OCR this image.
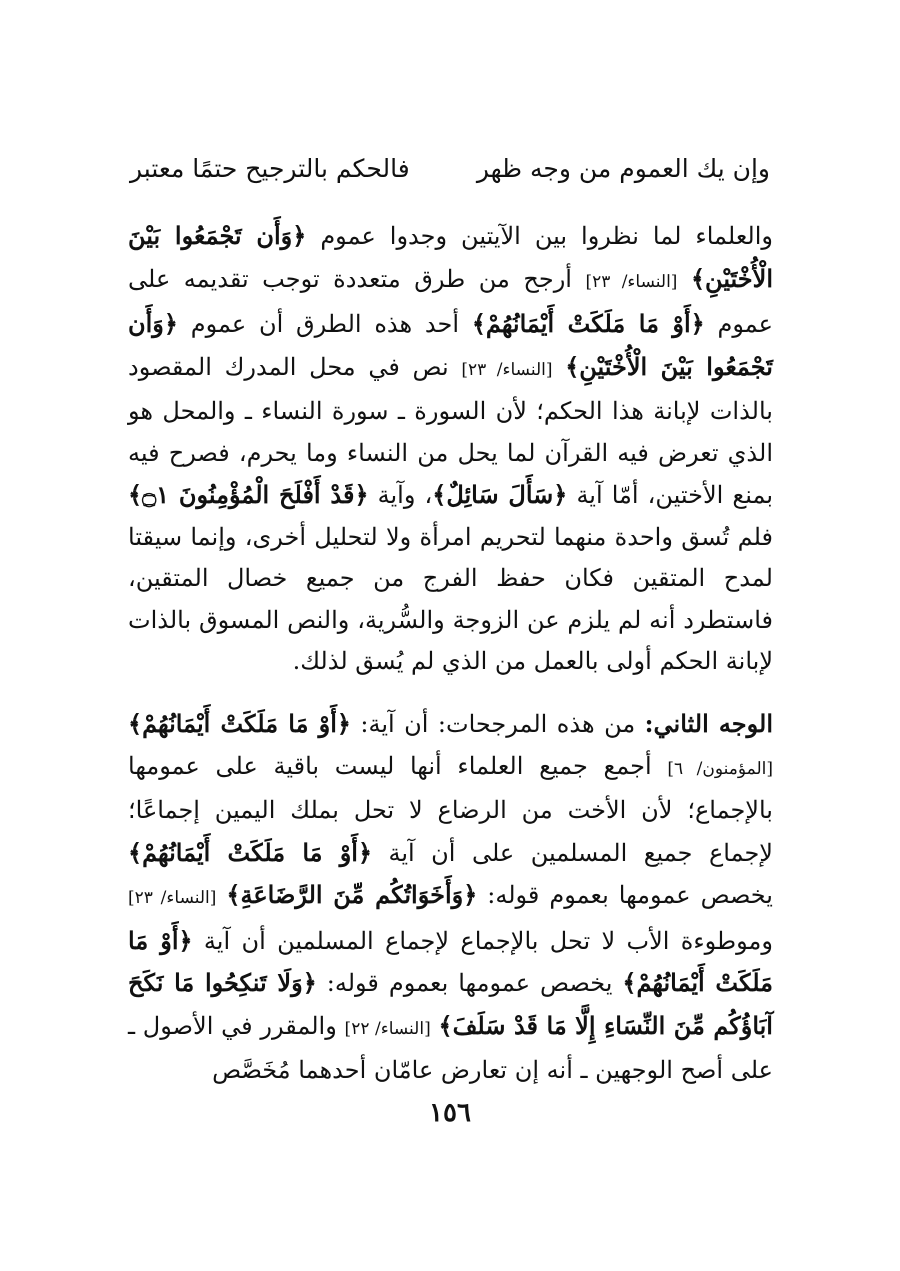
وإن يك العموم من وجه ظهر
فالحكم بالترجيح حتمًا معتبر

والعلماء لما نظروا بين الآيتين وجدوا عموم ﴿وَأَن تَجْمَعُوا بَيْنَ الْأُخْتَيْنِ﴾ [النساء/ ٢٣] أرجح من طرق متعددة توجب تقديمه على عموم ﴿أَوْ مَا مَلَكَتْ أَيْمَانُهُمْ﴾ أحد هذه الطرق أن عموم ﴿وَأَن تَجْمَعُوا بَيْنَ الْأُخْتَيْنِ﴾ [النساء/ ٢٣] نص في محل المدرك المقصود بالذات لإبانة هذا الحكم؛ لأن السورة ـ سورة النساء ـ والمحل هو الذي تعرض فيه القرآن لما يحل من النساء وما يحرم، فصرح فيه بمنع الأختين، أمّا آية ﴿سَأَلَ سَائِلٌ﴾، وآية ﴿قَدْ أَفْلَحَ الْمُؤْمِنُونَ ۝١﴾ فلم تُسق واحدة منهما لتحريم امرأة ولا لتحليل أخرى، وإنما سيقتا لمدح المتقين فكان حفظ الفرج من جميع خصال المتقين، فاستطرد أنه لم يلزم عن الزوجة والسُّرية، والنص المسوق بالذات لإبانة الحكم أولى بالعمل من الذي لم يُسق لذلك.

الوجه الثاني: من هذه المرجحات: أن آية: ﴿أَوْ مَا مَلَكَتْ أَيْمَانُهُمْ﴾ [المؤمنون/ ٦] أجمع جميع العلماء أنها ليست باقية على عمومها بالإجماع؛ لأن الأخت من الرضاع لا تحل بملك اليمين إجماعًا؛ لإجماع جميع المسلمين على أن آية ﴿أَوْ مَا مَلَكَتْ أَيْمَانُهُمْ﴾ يخصص عمومها بعموم قوله: ﴿وَأَخَوَاتُكُم مِّنَ الرَّضَاعَةِ﴾ [النساء/ ٢٣] وموطوءة الأب لا تحل بالإجماع لإجماع المسلمين أن آية ﴿أَوْ مَا مَلَكَتْ أَيْمَانُهُمْ﴾ يخصص عمومها بعموم قوله: ﴿وَلَا تَنكِحُوا مَا نَكَحَ آبَاؤُكُم مِّنَ النِّسَاءِ إِلَّا مَا قَدْ سَلَفَ﴾ [النساء/ ٢٢] والمقرر في الأصول ـ على أصح الوجهين ـ أنه إن تعارض عامّان أحدهما مُخَصَّص

١٥٦
